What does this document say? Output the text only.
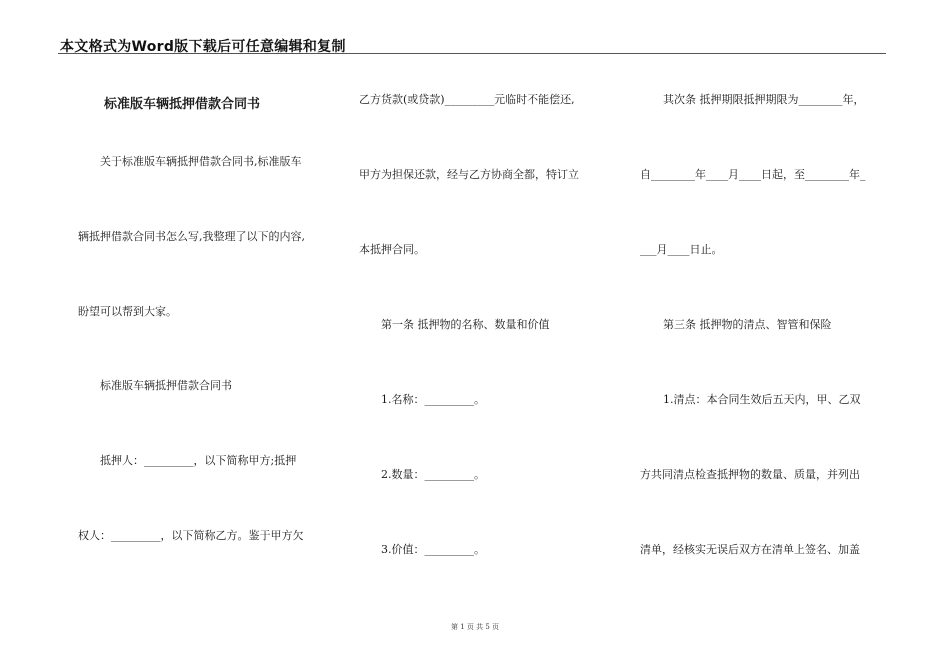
本文格式为Word版下载后可任意编辑和复制
标准版车辆抵押借款合同书
关于标准版车辆抵押借款合同书,标准版车
辆抵押借款合同书怎么写,我整理了以下的内容,
盼望可以帮到大家。
标准版车辆抵押借款合同书
抵押人：_________，以下简称甲方;抵押
权人：_________，以下简称乙方。鉴于甲方欠
乙方货款(或贷款)_________元临时不能偿还,
甲方为担保还款，经与乙方协商全都，特订立
本抵押合同。
第一条 抵押物的名称、数量和价值
1.名称：_________。
2.数量：_________。
3.价值：_________。
其次条 抵押期限抵押期限为________年，
自________年____月____日起，至________年_
___月____日止。
第三条 抵押物的清点、智管和保险
1.清点：本合同生效后五天内，甲、乙双
方共同清点检查抵押物的数量、质量，并列出
清单，经核实无误后双方在清单上签名、加盖
第 1 页 共 5 页
